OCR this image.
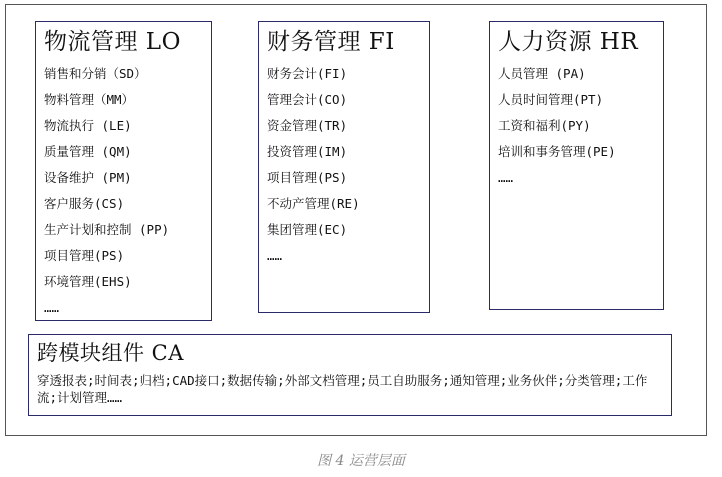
物流管理 LO
销售和分销（SD）
物料管理（MM）
物流执行 (LE)
质量管理 (QM)
设备维护 (PM)
客户服务(CS)
生产计划和控制 (PP)
项目管理(PS)
环境管理(EHS)
……
财务管理 FI
财务会计(FI)
管理会计(CO)
资金管理(TR)
投资管理(IM)
项目管理(PS)
不动产管理(RE)
集团管理(EC)
……
人力资源 HR
人员管理 (PA)
人员时间管理(PT)
工资和福利(PY)
培训和事务管理(PE)
……
跨模块组件 CA
穿透报表;时间表;归档;CAD接口;数据传输;外部文档管理;员工自助服务;通知管理;业务伙伴;分类管理;工作流;计划管理……
图 4 运营层面
